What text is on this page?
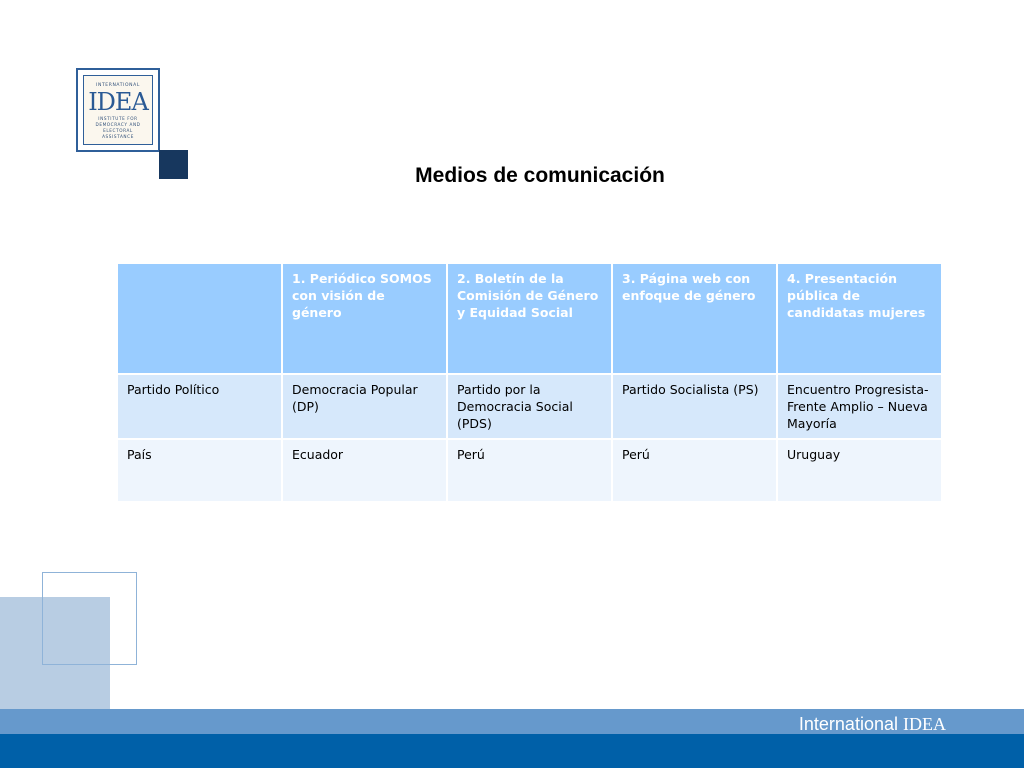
INTERNATIONAL
IDEA
INSTITUTE FOR DEMOCRACY AND ELECTORAL ASSISTANCE
Medios de comunicación
	1. Periódico SOMOS con visión de género	2. Boletín de la Comisión de Género y Equidad Social	3. Página web con enfoque de género	4. Presentación pública de candidatas mujeres
Partido Político	Democracia Popular (DP)	Partido por la Democracia Social (PDS)	Partido Socialista (PS)	Encuentro Progresista-Frente Amplio – Nueva Mayoría
País	Ecuador	Perú	Perú	Uruguay
International IDEA
